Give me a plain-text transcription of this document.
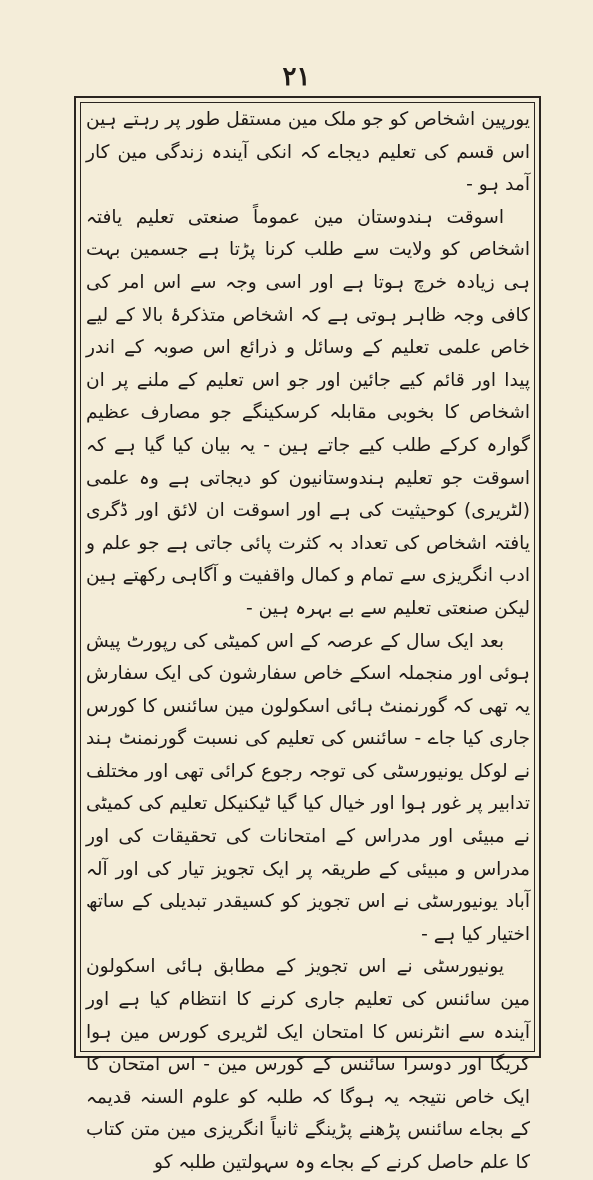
۲۱

یورپین اشخاص کو جو ملک مین مستقل طور پر رہتے ہین اس قسم کی تعلیم دیجاے کہ انکی آیندہ زندگی مین کار آمد ہو -

اسوقت ہندوستان مین عموماً صنعتی تعلیم یافتہ اشخاص کو ولایت سے طلب کرنا پڑتا ہے جسمین بہت ہی زیادہ خرچ ہوتا ہے اور اسی وجہ سے اس امر کی کافی وجہ ظاہر ہوتی ہے کہ اشخاص متذکرۂ بالا کے لیے خاص علمی تعلیم کے وسائل و ذرائع اس صوبہ کے اندر پیدا اور قائم کیے جائین اور جو اس تعلیم کے ملنے پر ان اشخاص کا بخوبی مقابلہ کرسکینگے جو مصارف عظیم گوارہ کرکے طلب کیے جاتے ہین - یہ بیان کیا گیا ہے کہ اسوقت جو تعلیم ہندوستانیون کو دیجاتی ہے وہ علمی (لٹریری) کوحیثیت کی ہے اور اسوقت ان لائق اور ڈگری یافتہ اشخاص کی تعداد بہ کثرت پائی جاتی ہے جو علم و ادب انگریزی سے تمام و کمال واقفیت و آگاہی رکھتے ہین لیکن صنعتی تعلیم سے بے بہرہ ہین -

بعد ایک سال کے عرصہ کے اس کمیٹی کی رپورٹ پیش ہوئی اور منجملہ اسکے خاص سفارشون کی ایک سفارش یہ تھی کہ گورنمنٹ ہائی اسکولون مین سائنس کا کورس جاری کیا جاے - سائنس کی تعلیم کی نسبت گورنمنٹ ہند نے لوکل یونیورسٹی کی توجہ رجوع کرائی تھی اور مختلف تدابیر پر غور ہوا اور خیال کیا گیا ٹیکنیکل تعلیم کی کمیٹی نے مبیئی اور مدراس کے امتحانات کی تحقیقات کی اور مدراس و مبیئی کے طریقہ پر ایک تجویز تیار کی اور آلہ آباد یونیورسٹی نے اس تجویز کو کسیقدر تبدیلی کے ساتھ اختیار کیا ہے -

یونیورسٹی نے اس تجویز کے مطابق ہائی اسکولون مین سائنس کی تعلیم جاری کرنے کا انتظام کیا ہے اور آیندہ سے انٹرنس کا امتحان ایک لٹریری کورس مین ہوا کریگا اور دوسرا سائنس کے کورس مین - اس امتحان کا ایک خاص نتیجہ یہ ہوگا کہ طلبہ کو علوم السنہ قدیمہ کے بجاے سائنس پڑھنے پڑینگے ثانیاً انگریزی مین متن کتاب کا علم حاصل کرنے کے بجاے وہ سہولتین طلبہ کو
